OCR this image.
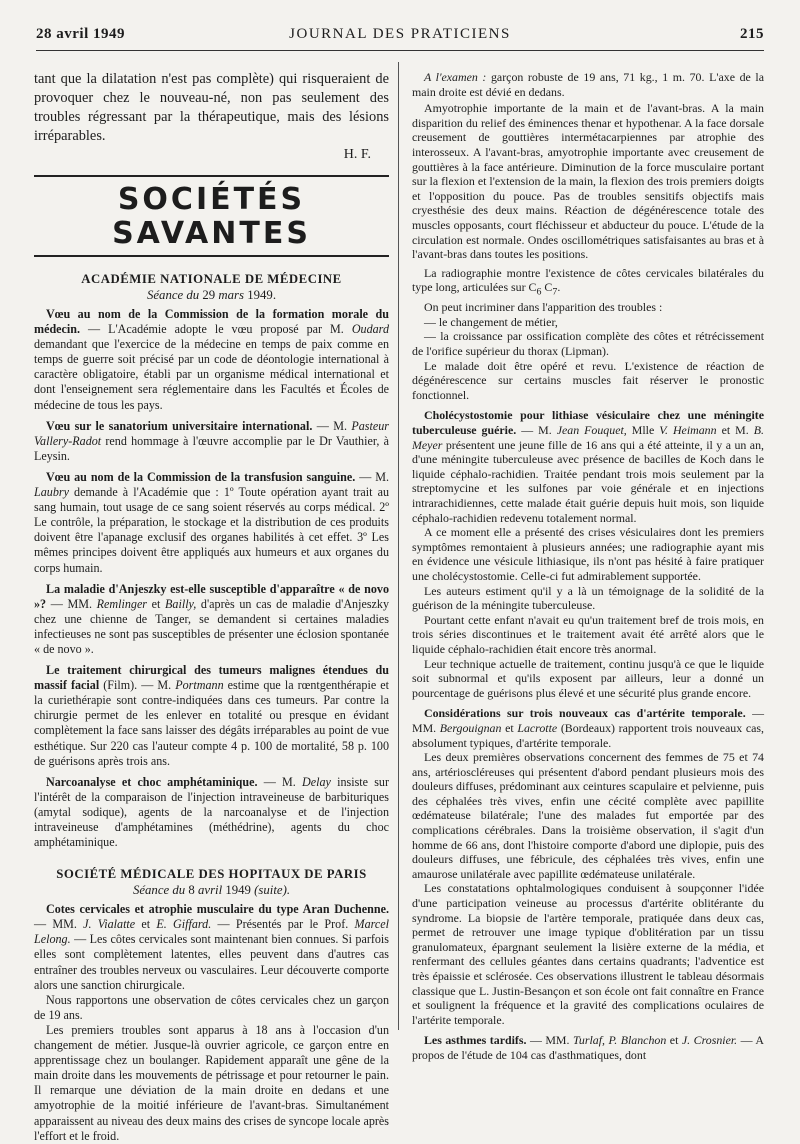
28 avril 1949	JOURNAL DES PRATICIENS	215

tant que la dilatation n'est pas complète) qui risqueraient de provoquer chez le nouveau-né, non pas seulement des troubles régressant par la thérapeutique, mais des lésions irréparables.

H. F.

SOCIÉTÉS SAVANTES
ACADÉMIE NATIONALE DE MÉDECINE
Séance du 29 mars 1949.

Vœu au nom de la Commission de la formation morale du médecin. — L'Académie adopte le vœu proposé par M. Oudard demandant que l'exercice de la médecine en temps de paix comme en temps de guerre soit précisé par un code de déontologie international à caractère obligatoire, établi par un organisme médical international et dont l'enseignement sera réglementaire dans les Facultés et Écoles de médecine de tous les pays.

Vœu sur le sanatorium universitaire international. — M. Pasteur Vallery-Radot rend hommage à l'œuvre accomplie par le Dr Vauthier, à Leysin.

Vœu au nom de la Commission de la transfusion sanguine. — M. Laubry demande à l'Académie que : 1º Toute opération ayant trait au sang humain, tout usage de ce sang soient réservés au corps médical. 2º Le contrôle, la préparation, le stockage et la distribution de ces produits doivent être l'apanage exclusif des organes habilités à cet effet. 3º Les mêmes principes doivent être appliqués aux humeurs et aux organes du corps humain.

La maladie d'Anjeszky est-elle susceptible d'apparaître « de novo »? — MM. Remlinger et Bailly, d'après un cas de maladie d'Anjeszky chez une chienne de Tanger, se demandent si certaines maladies infectieuses ne sont pas susceptibles de présenter une éclosion spontanée « de novo ».

Le traitement chirurgical des tumeurs malignes étendues du massif facial (Film). — M. Portmann estime que la rœntgenthérapie et la curiethérapie sont contre-indiquées dans ces tumeurs. Par contre la chirurgie permet de les enlever en totalité ou presque en évidant complètement la face sans laisser des dégâts irréparables au point de vue esthétique. Sur 220 cas l'auteur compte 4 p. 100 de mortalité, 58 p. 100 de guérisons après trois ans.

Narcoanalyse et choc amphétaminique. — M. Delay insiste sur l'intérêt de la comparaison de l'injection intraveineuse de barbituriques (amytal sodique), agents de la narcoanalyse et de l'injection intraveineuse d'amphétamines (méthédrine), agents du choc amphétaminique.

SOCIÉTÉ MÉDICALE DES HOPITAUX DE PARIS
Séance du 8 avril 1949 (suite).

Cotes cervicales et atrophie musculaire du type Aran Duchenne. — MM. J. Vialatte et E. Giffard. — Présentés par le Prof. Marcel Lelong. — Les côtes cervicales sont maintenant bien connues. Si parfois elles sont complètement latentes, elles peuvent dans d'autres cas entraîner des troubles nerveux ou vasculaires. Leur découverte comporte alors une sanction chirurgicale.

Nous rapportons une observation de côtes cervicales chez un garçon de 19 ans.

Les premiers troubles sont apparus à 18 ans à l'occasion d'un changement de métier. Jusque-là ouvrier agricole, ce garçon entre en apprentissage chez un boulanger. Rapidement apparaît une gêne de la main droite dans les mouvements de pétrissage et pour retourner le pain. Il remarque une déviation de la main droite en dedans et une amyotrophie de la moitié inférieure de l'avant-bras. Simultanément apparaissent au niveau des deux mains des crises de syncope locale après l'effort et le froid.

A l'examen : garçon robuste de 19 ans, 71 kg., 1 m. 70. L'axe de la main droite est dévié en dedans.

Amyotrophie importante de la main et de l'avant-bras. A la main disparition du relief des éminences thenar et hypothenar. A la face dorsale creusement de gouttières intermétacarpiennes par atrophie des interosseux. A l'avant-bras, amyotrophie importante avec creusement de gouttières à la face antérieure. Diminution de la force musculaire portant sur la flexion et l'extension de la main, la flexion des trois premiers doigts et l'opposition du pouce. Pas de troubles sensitifs objectifs mais cryesthésie des deux mains. Réaction de dégénérescence totale des muscles opposants, court fléchisseur et abducteur du pouce. L'étude de la circulation est normale. Ondes oscillométriques satisfaisantes au bras et à l'avant-bras dans toutes les positions.

La radiographie montre l'existence de côtes cervicales bilatérales du type long, articulées sur $C_6$ $C_7$.

On peut incriminer dans l'apparition des troubles :

— le changement de métier,
— la croissance par ossification complète des côtes et rétrécissement de l'orifice supérieur du thorax (Lipman).

Le malade doit être opéré et revu. L'existence de réaction de dégénérescence sur certains muscles fait réserver le pronostic fonctionnel.

Cholécystostomie pour lithiase vésiculaire chez une méningite tuberculeuse guérie. — M. Jean Fouquet, Mlle V. Heimann et M. B. Meyer présentent une jeune fille de 16 ans qui a été atteinte, il y a un an, d'une méningite tuberculeuse avec présence de bacilles de Koch dans le liquide céphalo-rachidien. Traitée pendant trois mois seulement par la streptomycine et les sulfones par voie générale et en injections intrarachidiennes, cette malade était guérie depuis huit mois, son liquide céphalo-rachidien redevenu totalement normal.

A ce moment elle a présenté des crises vésiculaires dont les premiers symptômes remontaient à plusieurs années; une radiographie ayant mis en évidence une vésicule lithiasique, ils n'ont pas hésité à faire pratiquer une cholécystostomie. Celle-ci fut admirablement supportée.

Les auteurs estiment qu'il y a là un témoignage de la solidité de la guérison de la méningite tuberculeuse.

Pourtant cette enfant n'avait eu qu'un traitement bref de trois mois, en trois séries discontinues et le traitement avait été arrêté alors que le liquide céphalo-rachidien était encore très anormal.

Leur technique actuelle de traitement, continu jusqu'à ce que le liquide soit subnormal et qu'ils exposent par ailleurs, leur a donné un pourcentage de guérisons plus élevé et une sécurité plus grande encore.

Considérations sur trois nouveaux cas d'artérite temporale. — MM. Bergouignan et Lacrotte (Bordeaux) rapportent trois nouveaux cas, absolument typiques, d'artérite temporale.

Les deux premières observations concernent des femmes de 75 et 74 ans, artérioscléreuses qui présentent d'abord pendant plusieurs mois des douleurs diffuses, prédominant aux ceintures scapulaire et pelvienne, puis des céphalées très vives, enfin une cécité complète avec papillite œdémateuse bilatérale; l'une des malades fut emportée par des complications cérébrales. Dans la troisième observation, il s'agit d'un homme de 66 ans, dont l'histoire comporte d'abord une diplopie, puis des douleurs diffuses, une fébricule, des céphalées très vives, enfin une amaurose unilatérale avec papillite œdémateuse unilatérale.

Les constatations ophtalmologiques conduisent à soupçonner l'idée d'une participation veineuse au processus d'artérite oblitérante du syndrome. La biopsie de l'artère temporale, pratiquée dans deux cas, permet de retrouver une image typique d'oblitération par un tissu granulomateux, épargnant seulement la lisière externe de la média, et renfermant des cellules géantes dans certains quadrants; l'adventice est très épaissie et sclérosée. Ces observations illustrent le tableau désormais classique que L. Justin-Besançon et son école ont fait connaître en France et soulignent la fréquence et la gravité des complications oculaires de l'artérite temporale.

Les asthmes tardifs. — MM. Turlaf, P. Blanchon et J. Crosnier. — A propos de l'étude de 104 cas d'asthmatiques, dont
